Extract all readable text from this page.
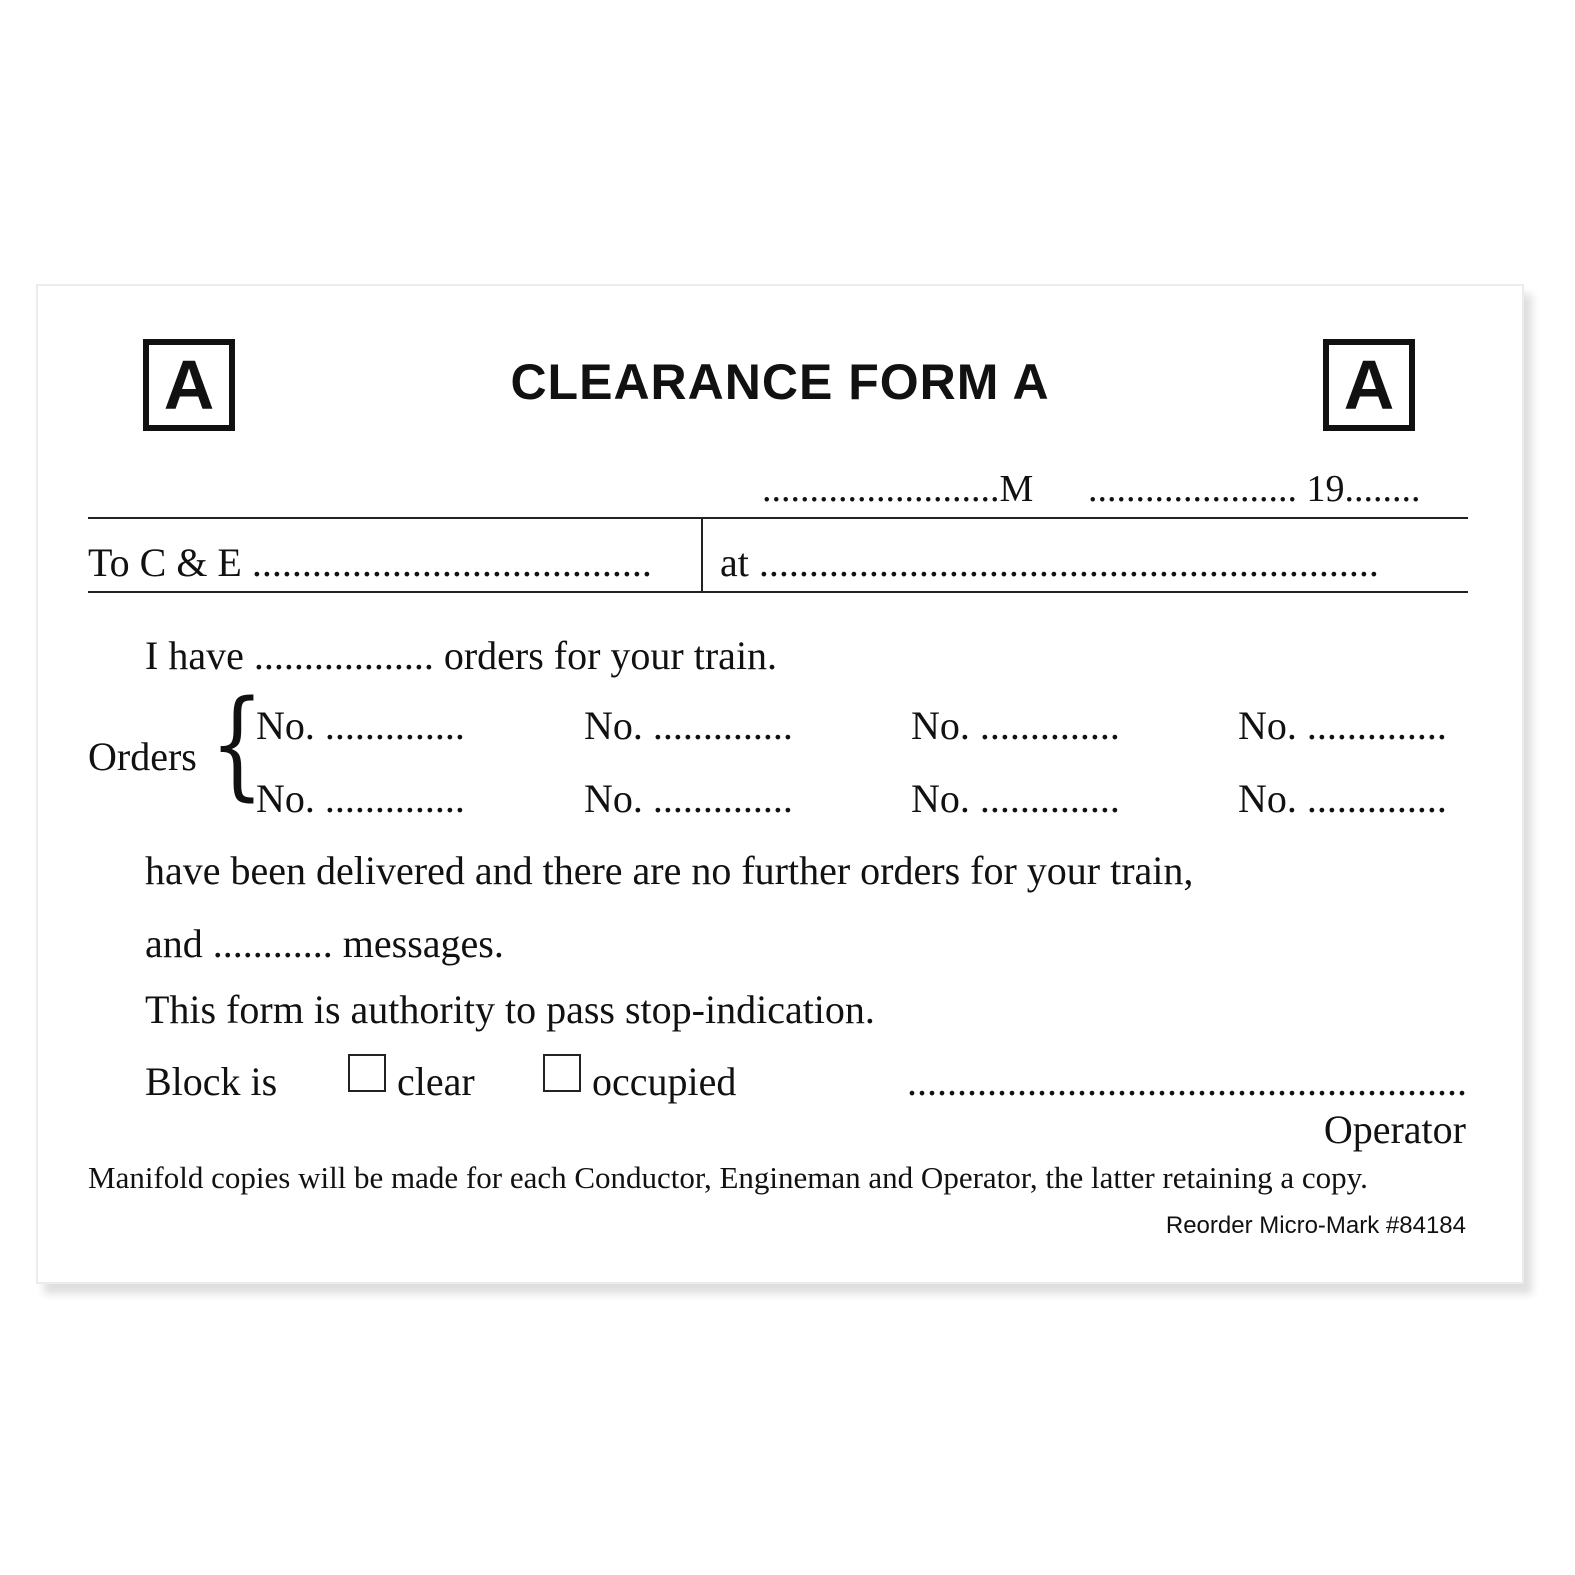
A	CLEARANCE FORM A	A
.........................M ...................... 19........
To C & E ........................................ at ..............................................................
I have .................. orders for your train.
Orders {
No. ..............	No. ..............	No. ..............	No. ..............
No. ..............	No. ..............	No. ..............	No. ..............
have been delivered and there are no further orders for your train,
and ............ messages.
This form is authority to pass stop-indication.
Block is	clear	occupied	........................................................
Operator
Manifold copies will be made for each Conductor, Engineman and Operator, the latter retaining a copy.
Reorder Micro-Mark #84184
